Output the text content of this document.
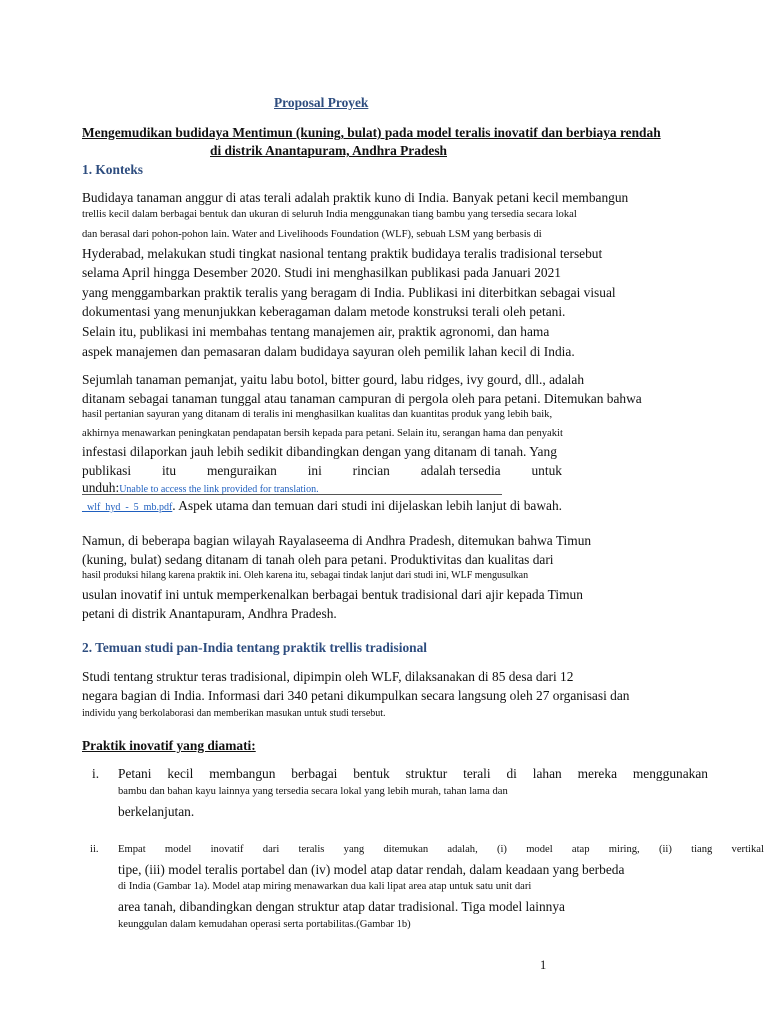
Proposal Proyek
Mengemudikan budidaya Mentimun (kuning, bulat) pada model teralis inovatif dan berbiaya rendah
di distrik Anantapuram, Andhra Pradesh
1. Konteks
Budidaya tanaman anggur di atas terali adalah praktik kuno di India. Banyak petani kecil membangun
trellis kecil dalam berbagai bentuk dan ukuran di seluruh India menggunakan tiang bambu yang tersedia secara lokal
dan berasal dari pohon-pohon lain. Water and Livelihoods Foundation (WLF), sebuah LSM yang berbasis di
Hyderabad, melakukan studi tingkat nasional tentang praktik budidaya teralis tradisional tersebut
selama April hingga Desember 2020. Studi ini menghasilkan publikasi pada Januari 2021
yang menggambarkan praktik teralis yang beragam di India. Publikasi ini diterbitkan sebagai visual
dokumentasi yang menunjukkan keberagaman dalam metode konstruksi terali oleh petani.
Selain itu, publikasi ini membahas tentang manajemen air, praktik agronomi, dan hama
aspek manajemen dan pemasaran dalam budidaya sayuran oleh pemilik lahan kecil di India.
Sejumlah tanaman pemanjat, yaitu labu botol, bitter gourd, labu ridges, ivy gourd, dll., adalah
ditanam sebagai tanaman tunggal atau tanaman campuran di pergola oleh para petani. Ditemukan bahwa
hasil pertanian sayuran yang ditanam di teralis ini menghasilkan kualitas dan kuantitas produk yang lebih baik,
akhirnya menawarkan peningkatan pendapatan bersih kepada para petani. Selain itu, serangan hama dan penyakit
infestasi dilaporkan jauh lebih sedikit dibandingkan dengan yang ditanam di tanah. Yang
publikasi itu menguraikan ini rincian adalah tersedia untuk
unduh:Unable to access the link provided for translation.
_wlf_hyd_-_5_mb.pdf. Aspek utama dan temuan dari studi ini dijelaskan lebih lanjut di bawah.
Namun, di beberapa bagian wilayah Rayalaseema di Andhra Pradesh, ditemukan bahwa Timun
(kuning, bulat) sedang ditanam di tanah oleh para petani. Produktivitas dan kualitas dari
hasil produksi hilang karena praktik ini. Oleh karena itu, sebagai tindak lanjut dari studi ini, WLF mengusulkan
usulan inovatif ini untuk memperkenalkan berbagai bentuk tradisional dari ajir kepada Timun
petani di distrik Anantapuram, Andhra Pradesh.
2. Temuan studi pan-India tentang praktik trellis tradisional
Studi tentang struktur teras tradisional, dipimpin oleh WLF, dilaksanakan di 85 desa dari 12
negara bagian di India. Informasi dari 340 petani dikumpulkan secara langsung oleh 27 organisasi dan
individu yang berkolaborasi dan memberikan masukan untuk studi tersebut.
Praktik inovatif yang diamati:
i. Petani kecil membangun berbagai bentuk struktur terali di lahan mereka menggunakan
bambu dan bahan kayu lainnya yang tersedia secara lokal yang lebih murah, tahan lama dan
berkelanjutan.
ii. Empat model inovatif dari teralis yang ditemukan adalah, (i) model atap miring, (ii) tiang vertikal
tipe, (iii) model teralis portabel dan (iv) model atap datar rendah, dalam keadaan yang berbeda
di India (Gambar 1a). Model atap miring menawarkan dua kali lipat area atap untuk satu unit dari
area tanah, dibandingkan dengan struktur atap datar tradisional. Tiga model lainnya
keunggulan dalam kemudahan operasi serta portabilitas.(Gambar 1b)
1
